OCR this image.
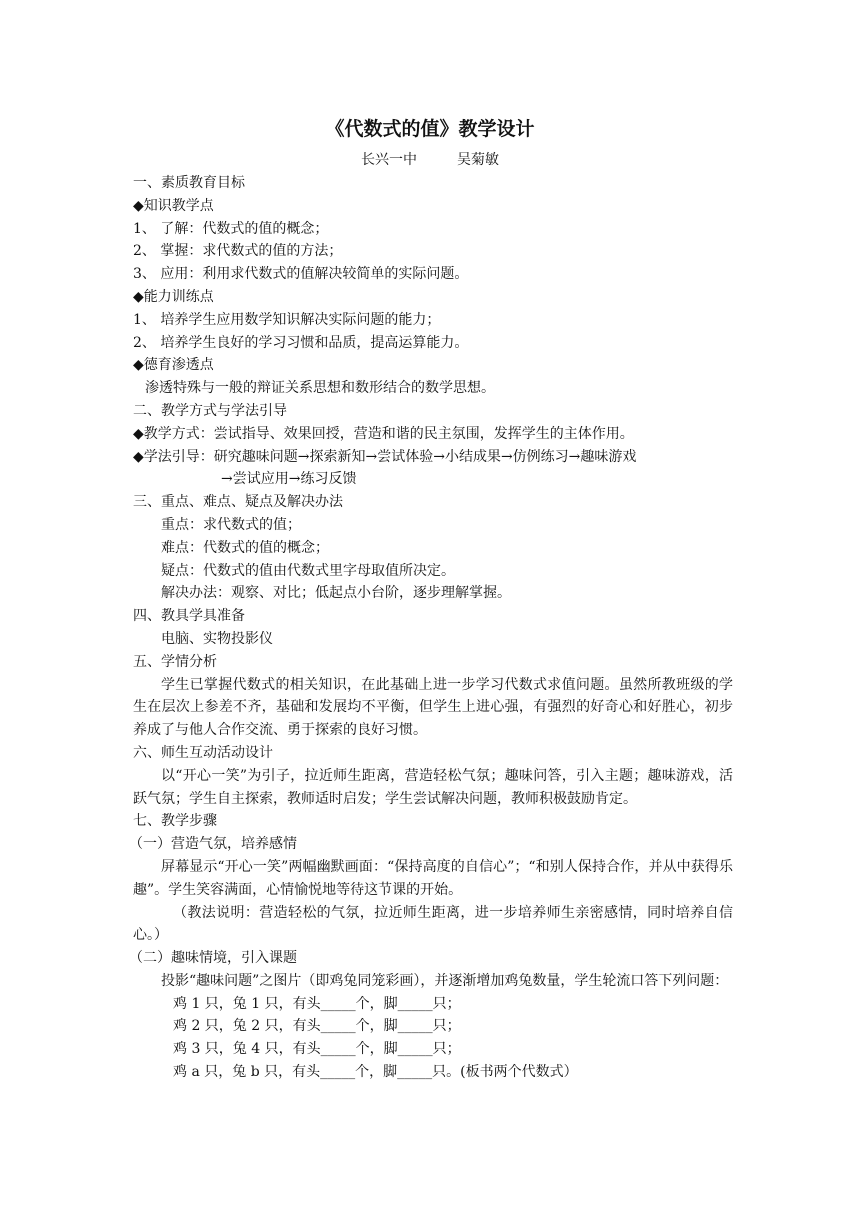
《代数式的值》教学设计
长兴一中         吴菊敏
一、素质教育目标
◆知识教学点
1、 了解：代数式的值的概念；
2、 掌握：求代数式的值的方法；
3、 应用：利用求代数式的值解决较简单的实际问题。
◆能力训练点
1、 培养学生应用数学知识解决实际问题的能力；
2、 培养学生良好的学习习惯和品质，提高运算能力。
◆德育渗透点
渗透特殊与一般的辩证关系思想和数形结合的数学思想。
二、教学方式与学法引导
◆教学方式：尝试指导、效果回授，营造和谐的民主氛围，发挥学生的主体作用。
◆学法引导：研究趣味问题→探索新知→尝试体验→小结成果→仿例练习→趣味游戏
→尝试应用→练习反馈
三、重点、难点、疑点及解决办法
重点：求代数式的值；
难点：代数式的值的概念；
疑点：代数式的值由代数式里字母取值所决定。
解决办法：观察、对比；低起点小台阶，逐步理解掌握。
四、教具学具准备
电脑、实物投影仪
五、学情分析
学生已掌握代数式的相关知识，在此基础上进一步学习代数式求值问题。虽然所教班级的学生在层次上参差不齐，基础和发展均不平衡，但学生上进心强，有强烈的好奇心和好胜心，初步养成了与他人合作交流、勇于探索的良好习惯。
六、师生互动活动设计
以“开心一笑”为引子，拉近师生距离，营造轻松气氛；趣味问答，引入主题；趣味游戏，活跃气氛；学生自主探索，教师适时启发；学生尝试解决问题，教师积极鼓励肯定。
七、教学步骤
（一）营造气氛，培养感情
屏幕显示“开心一笑”两幅幽默画面：“保持高度的自信心”；“和别人保持合作，并从中获得乐趣”。学生笑容满面，心情愉悦地等待这节课的开始。
（教法说明：营造轻松的气氛，拉近师生距离，进一步培养师生亲密感情，同时培养自信心。）
（二）趣味情境，引入课题
投影“趣味问题”之图片（即鸡兔同笼彩画），并逐渐增加鸡兔数量，学生轮流口答下列问题：
鸡 1 只，兔 1 只，有头_____个，脚_____只；
鸡 2 只，兔 2 只，有头_____个，脚_____只；
鸡 3 只，兔 4 只，有头_____个，脚_____只；
鸡 a 只，兔 b 只，有头_____个，脚_____只。(板书两个代数式）
